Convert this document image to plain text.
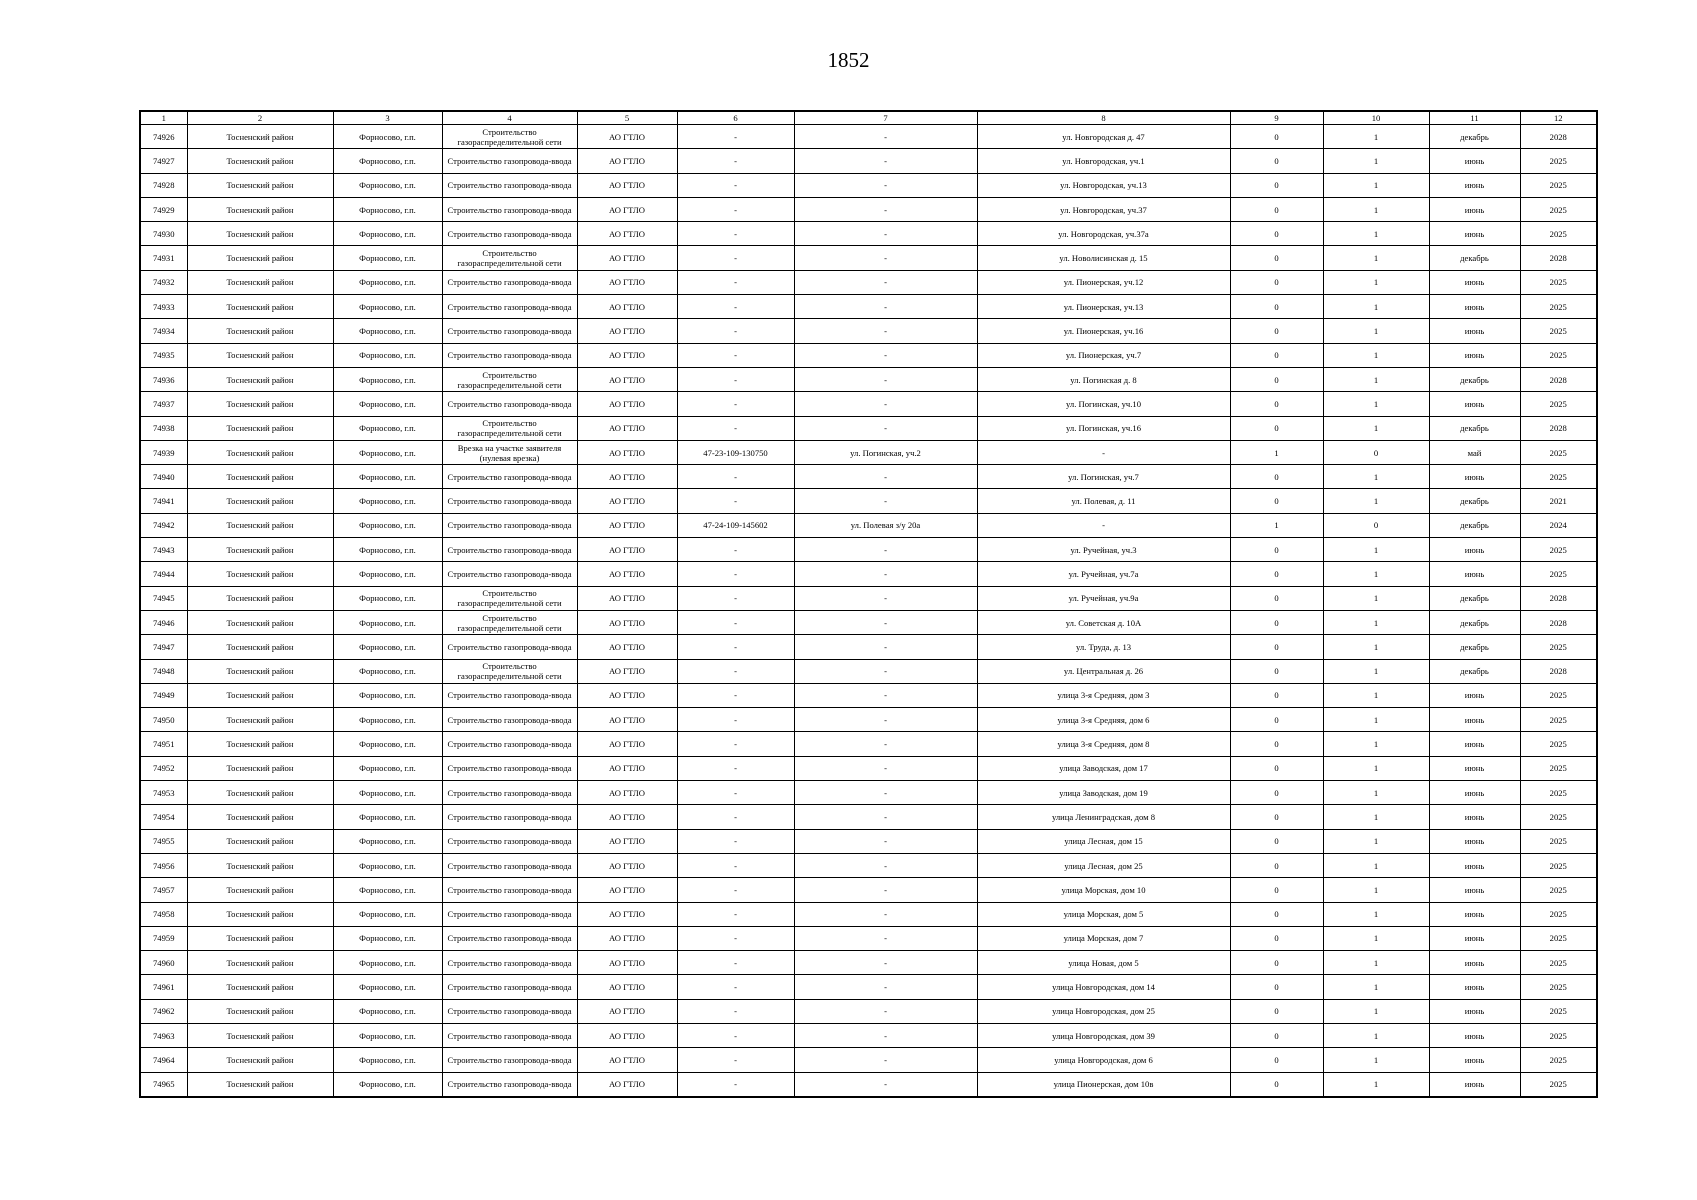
1852
1	2	3	4	5	6	7	8	9	10	11	12
74926	Тосненский район	Форносово, г.п.	Строительство газораспределительной сети	АО ГТЛО	-	-	ул. Новгородская д. 47	0	1	декабрь	2028
74927	Тосненский район	Форносово, г.п.	Строительство газопровода-ввода	АО ГТЛО	-	-	ул. Новгородская, уч.1	0	1	июнь	2025
74928	Тосненский район	Форносово, г.п.	Строительство газопровода-ввода	АО ГТЛО	-	-	ул. Новгородская, уч.13	0	1	июнь	2025
74929	Тосненский район	Форносово, г.п.	Строительство газопровода-ввода	АО ГТЛО	-	-	ул. Новгородская, уч.37	0	1	июнь	2025
74930	Тосненский район	Форносово, г.п.	Строительство газопровода-ввода	АО ГТЛО	-	-	ул. Новгородская, уч.37а	0	1	июнь	2025
74931	Тосненский район	Форносово, г.п.	Строительство газораспределительной сети	АО ГТЛО	-	-	ул. Новолисинская д. 15	0	1	декабрь	2028
74932	Тосненский район	Форносово, г.п.	Строительство газопровода-ввода	АО ГТЛО	-	-	ул. Пионерская, уч.12	0	1	июнь	2025
74933	Тосненский район	Форносово, г.п.	Строительство газопровода-ввода	АО ГТЛО	-	-	ул. Пионерская, уч.13	0	1	июнь	2025
74934	Тосненский район	Форносово, г.п.	Строительство газопровода-ввода	АО ГТЛО	-	-	ул. Пионерская, уч.16	0	1	июнь	2025
74935	Тосненский район	Форносово, г.п.	Строительство газопровода-ввода	АО ГТЛО	-	-	ул. Пионерская, уч.7	0	1	июнь	2025
74936	Тосненский район	Форносово, г.п.	Строительство газораспределительной сети	АО ГТЛО	-	-	ул. Погинская д. 8	0	1	декабрь	2028
74937	Тосненский район	Форносово, г.п.	Строительство газопровода-ввода	АО ГТЛО	-	-	ул. Погинская, уч.10	0	1	июнь	2025
74938	Тосненский район	Форносово, г.п.	Строительство газораспределительной сети	АО ГТЛО	-	-	ул. Погинская, уч.16	0	1	декабрь	2028
74939	Тосненский район	Форносово, г.п.	Врезка на участке заявителя (нулевая врезка)	АО ГТЛО	47-23-109-130750	ул. Погинская, уч.2	-	1	0	май	2025
74940	Тосненский район	Форносово, г.п.	Строительство газопровода-ввода	АО ГТЛО	-	-	ул. Погинская, уч.7	0	1	июнь	2025
74941	Тосненский район	Форносово, г.п.	Строительство газопровода-ввода	АО ГТЛО	-	-	ул. Полевая, д. 11	0	1	декабрь	2021
74942	Тосненский район	Форносово, г.п.	Строительство газопровода-ввода	АО ГТЛО	47-24-109-145602	ул. Полевая з/у 20а	-	1	0	декабрь	2024
74943	Тосненский район	Форносово, г.п.	Строительство газопровода-ввода	АО ГТЛО	-	-	ул. Ручейная, уч.3	0	1	июнь	2025
74944	Тосненский район	Форносово, г.п.	Строительство газопровода-ввода	АО ГТЛО	-	-	ул. Ручейная, уч.7а	0	1	июнь	2025
74945	Тосненский район	Форносово, г.п.	Строительство газораспределительной сети	АО ГТЛО	-	-	ул. Ручейная, уч.9а	0	1	декабрь	2028
74946	Тосненский район	Форносово, г.п.	Строительство газораспределительной сети	АО ГТЛО	-	-	ул. Советская д. 10А	0	1	декабрь	2028
74947	Тосненский район	Форносово, г.п.	Строительство газопровода-ввода	АО ГТЛО	-	-	ул. Труда, д. 13	0	1	декабрь	2025
74948	Тосненский район	Форносово, г.п.	Строительство газораспределительной сети	АО ГТЛО	-	-	ул. Центральная д. 26	0	1	декабрь	2028
74949	Тосненский район	Форносово, г.п.	Строительство газопровода-ввода	АО ГТЛО	-	-	улица 3-я Средняя, дом 3	0	1	июнь	2025
74950	Тосненский район	Форносово, г.п.	Строительство газопровода-ввода	АО ГТЛО	-	-	улица 3-я Средняя, дом 6	0	1	июнь	2025
74951	Тосненский район	Форносово, г.п.	Строительство газопровода-ввода	АО ГТЛО	-	-	улица 3-я Средняя, дом 8	0	1	июнь	2025
74952	Тосненский район	Форносово, г.п.	Строительство газопровода-ввода	АО ГТЛО	-	-	улица Заводская, дом 17	0	1	июнь	2025
74953	Тосненский район	Форносово, г.п.	Строительство газопровода-ввода	АО ГТЛО	-	-	улица Заводская, дом 19	0	1	июнь	2025
74954	Тосненский район	Форносово, г.п.	Строительство газопровода-ввода	АО ГТЛО	-	-	улица Ленинградская, дом 8	0	1	июнь	2025
74955	Тосненский район	Форносово, г.п.	Строительство газопровода-ввода	АО ГТЛО	-	-	улица Лесная, дом 15	0	1	июнь	2025
74956	Тосненский район	Форносово, г.п.	Строительство газопровода-ввода	АО ГТЛО	-	-	улица Лесная, дом 25	0	1	июнь	2025
74957	Тосненский район	Форносово, г.п.	Строительство газопровода-ввода	АО ГТЛО	-	-	улица Морская, дом 10	0	1	июнь	2025
74958	Тосненский район	Форносово, г.п.	Строительство газопровода-ввода	АО ГТЛО	-	-	улица Морская, дом 5	0	1	июнь	2025
74959	Тосненский район	Форносово, г.п.	Строительство газопровода-ввода	АО ГТЛО	-	-	улица Морская, дом 7	0	1	июнь	2025
74960	Тосненский район	Форносово, г.п.	Строительство газопровода-ввода	АО ГТЛО	-	-	улица Новая, дом 5	0	1	июнь	2025
74961	Тосненский район	Форносово, г.п.	Строительство газопровода-ввода	АО ГТЛО	-	-	улица Новгородская, дом 14	0	1	июнь	2025
74962	Тосненский район	Форносово, г.п.	Строительство газопровода-ввода	АО ГТЛО	-	-	улица Новгородская, дом 25	0	1	июнь	2025
74963	Тосненский район	Форносово, г.п.	Строительство газопровода-ввода	АО ГТЛО	-	-	улица Новгородская, дом 39	0	1	июнь	2025
74964	Тосненский район	Форносово, г.п.	Строительство газопровода-ввода	АО ГТЛО	-	-	улица Новгородская, дом 6	0	1	июнь	2025
74965	Тосненский район	Форносово, г.п.	Строительство газопровода-ввода	АО ГТЛО	-	-	улица Пионерская, дом 10в	0	1	июнь	2025
